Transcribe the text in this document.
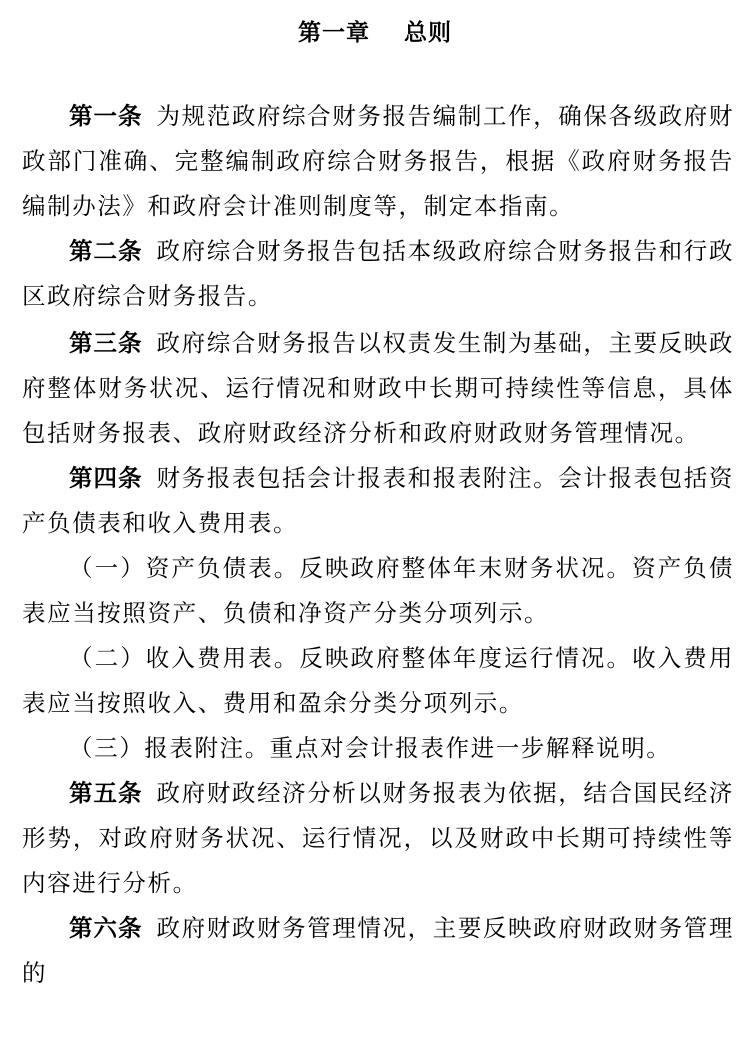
第一章 总则

第一条 为规范政府综合财务报告编制工作，确保各级政府财政部门准确、完整编制政府综合财务报告，根据《政府财务报告编制办法》和政府会计准则制度等，制定本指南。

第二条 政府综合财务报告包括本级政府综合财务报告和行政区政府综合财务报告。

第三条 政府综合财务报告以权责发生制为基础，主要反映政府整体财务状况、运行情况和财政中长期可持续性等信息，具体包括财务报表、政府财政经济分析和政府财政财务管理情况。

第四条 财务报表包括会计报表和报表附注。会计报表包括资产负债表和收入费用表。

（一）资产负债表。反映政府整体年末财务状况。资产负债表应当按照资产、负债和净资产分类分项列示。

（二）收入费用表。反映政府整体年度运行情况。收入费用表应当按照收入、费用和盈余分类分项列示。

（三）报表附注。重点对会计报表作进一步解释说明。

第五条 政府财政经济分析以财务报表为依据，结合国民经济形势，对政府财务状况、运行情况，以及财政中长期可持续性等内容进行分析。

第六条 政府财政财务管理情况，主要反映政府财政财务管理的
